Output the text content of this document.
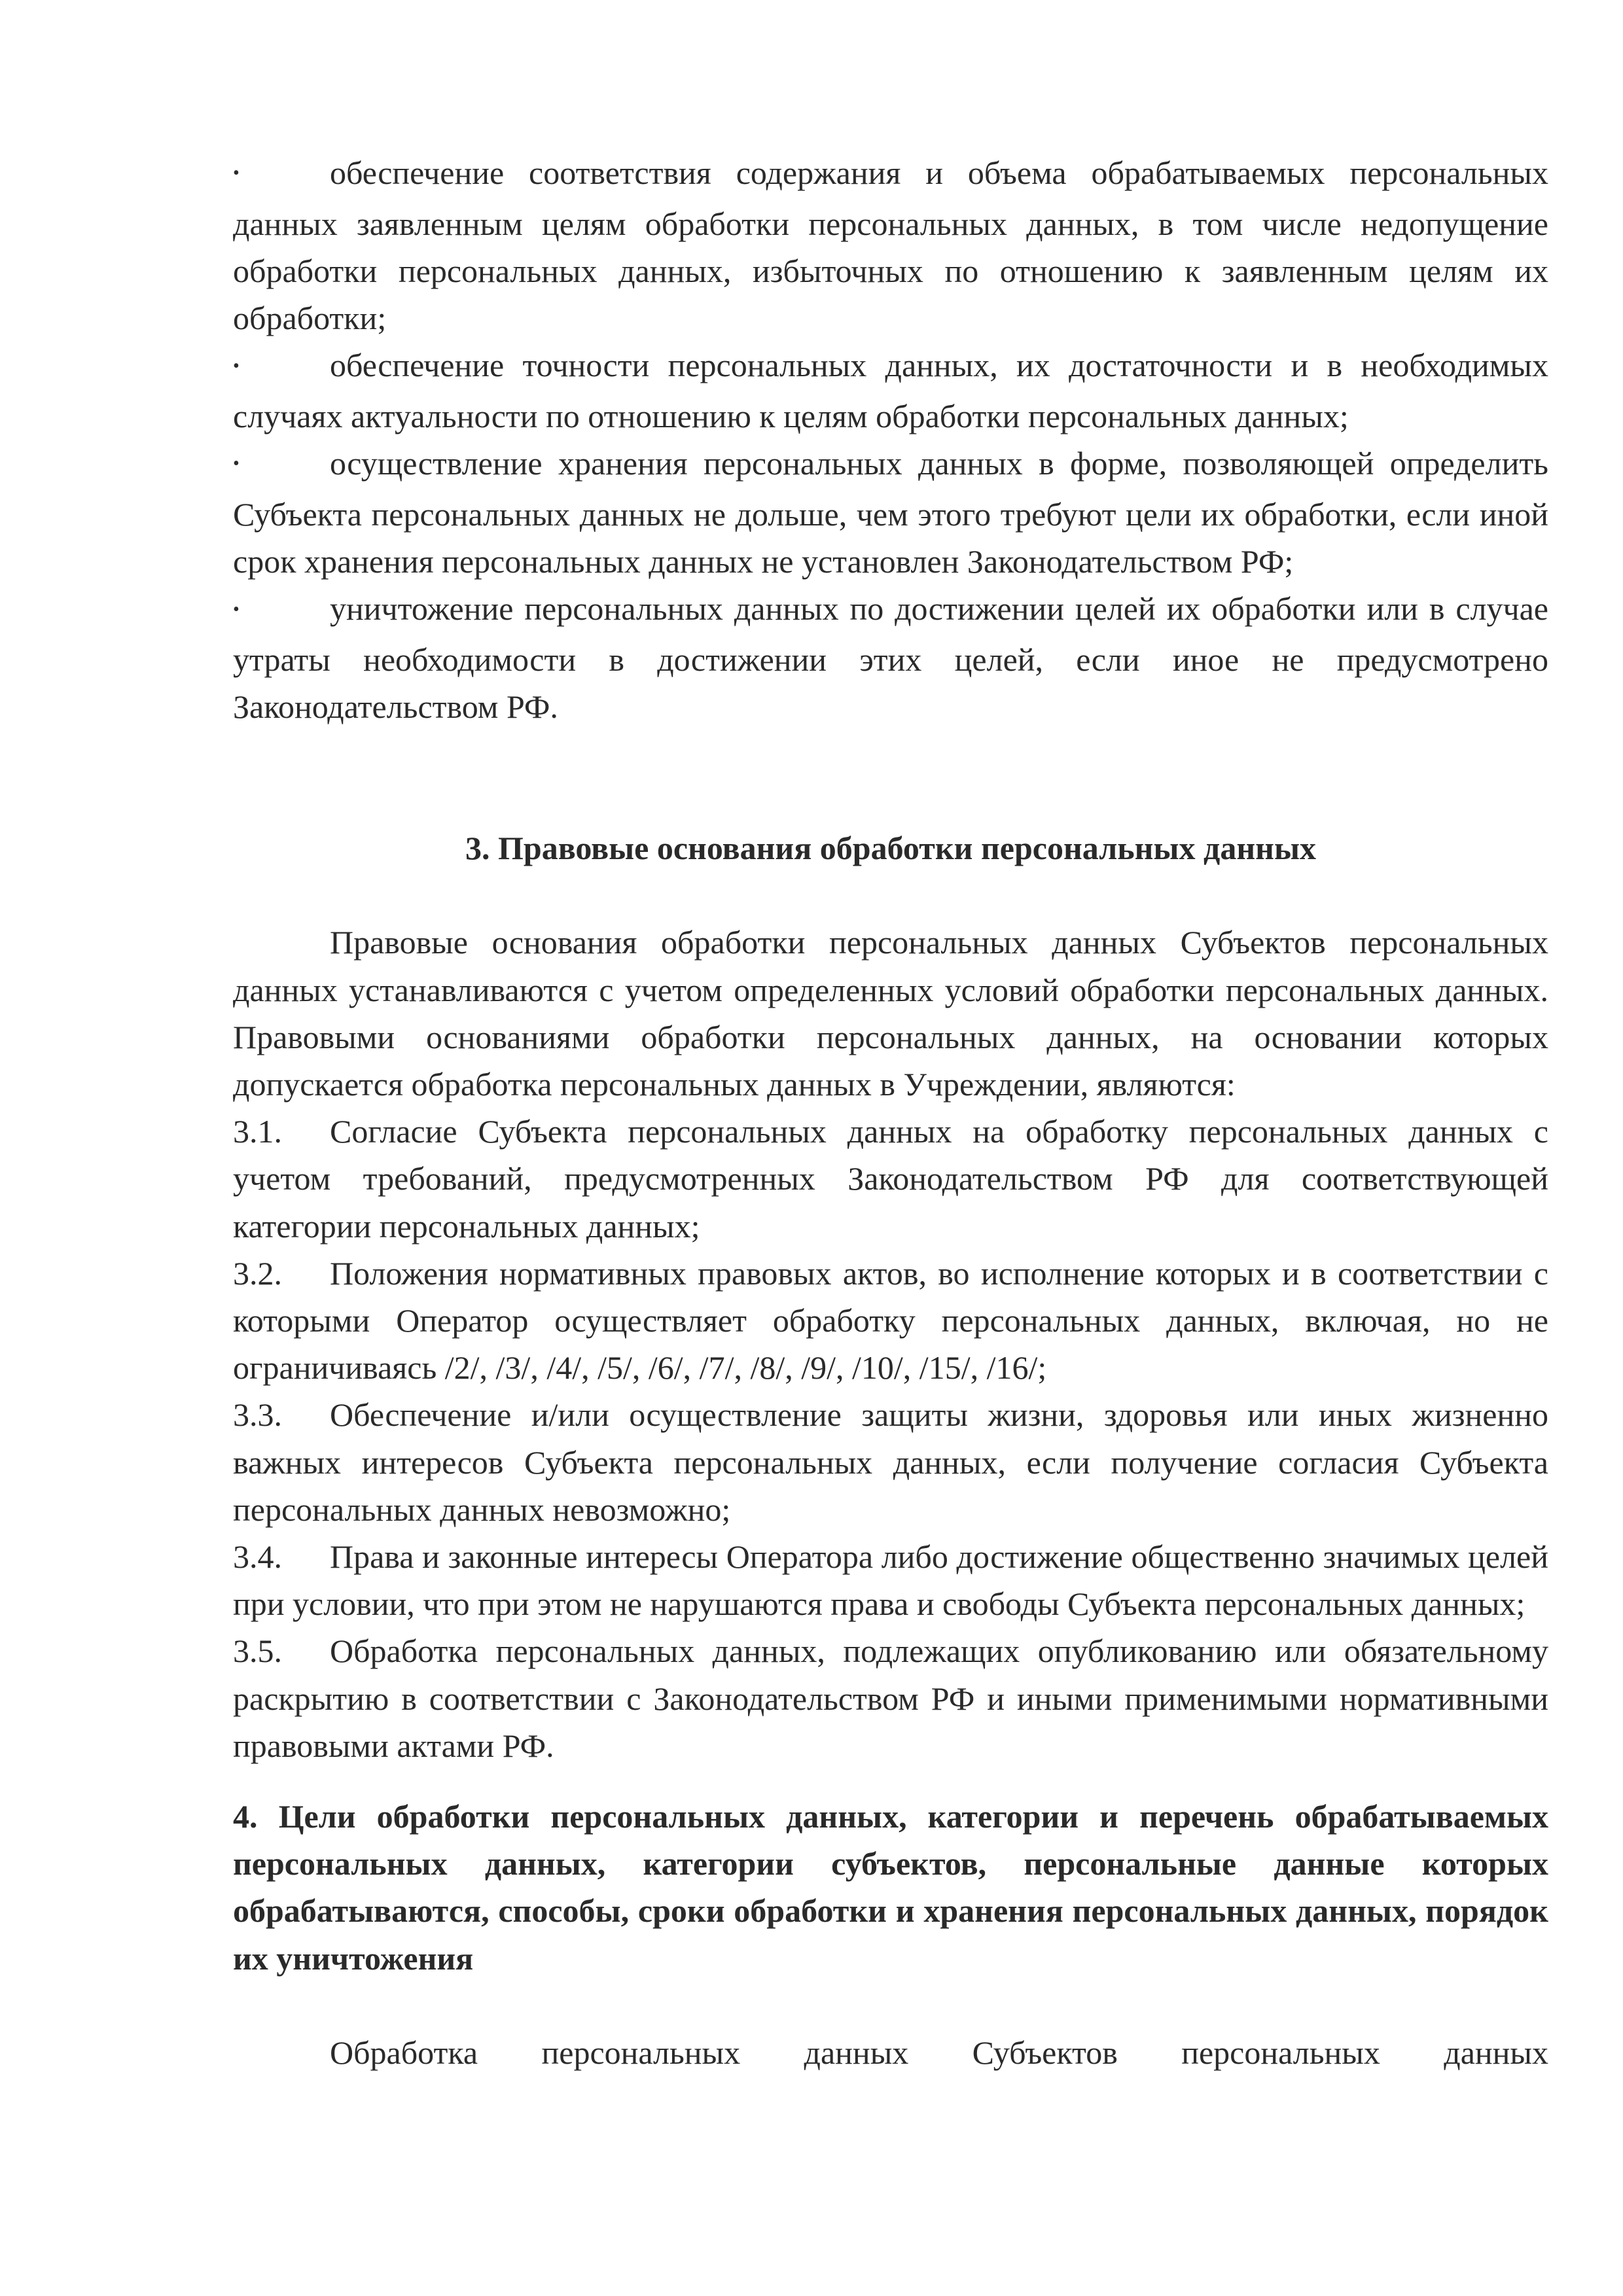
•	обеспечение соответствия содержания и объема обрабатываемых персональных данных заявленным целям обработки персональных данных, в том числе недопущение обработки персональных данных, избыточных по отношению к заявленным целям их обработки;

•	обеспечение точности персональных данных, их достаточности и в необходимых случаях актуальности по отношению к целям обработки персональных данных;

•	осуществление хранения персональных данных в форме, позволяющей определить Субъекта персональных данных не дольше, чем этого требуют цели их обработки, если иной срок хранения персональных данных не установлен Законодательством РФ;

•	уничтожение персональных данных по достижении целей их обработки или в случае утраты необходимости в достижении этих целей, если иное не предусмотрено Законодательством РФ.

3. Правовые основания обработки персональных данных

Правовые основания обработки персональных данных Субъектов персональных данных устанавливаются с учетом определенных условий обработки персональных данных. Правовыми основаниями обработки персональных данных, на основании которых допускается обработка персональных данных в Учреждении, являются:

3.1. Согласие Субъекта персональных данных на обработку персональных данных с учетом требований, предусмотренных Законодательством РФ для соответствующей категории персональных данных;

3.2. Положения нормативных правовых актов, во исполнение которых и в соответствии с которыми Оператор осуществляет обработку персональных данных, включая, но не ограничиваясь /2/, /3/, /4/, /5/, /6/, /7/, /8/, /9/, /10/, /15/, /16/;

3.3. Обеспечение и/или осуществление защиты жизни, здоровья или иных жизненно важных интересов Субъекта персональных данных, если получение согласия Субъекта персональных данных невозможно;

3.4. Права и законные интересы Оператора либо достижение общественно значимых целей при условии, что при этом не нарушаются права и свободы Субъекта персональных данных;

3.5. Обработка персональных данных, подлежащих опубликованию или обязательному раскрытию в соответствии с Законодательством РФ и иными применимыми нормативными правовыми актами РФ.

4. Цели обработки персональных данных, категории и перечень обрабатываемых персональных данных, категории субъектов, персональные данные которых обрабатываются, способы, сроки обработки и хранения персональных данных, порядок их уничтожения

Обработка персональных данных Субъектов персональных данных
